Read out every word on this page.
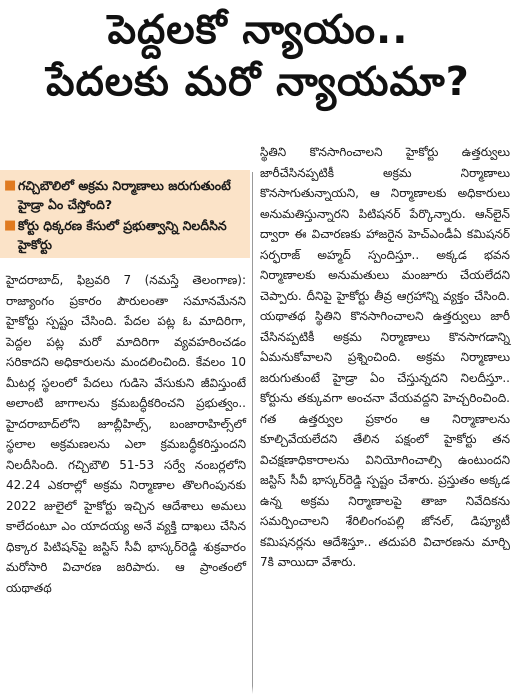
పెద్దలకో న్యాయం..
పేదలకు మరో న్యాయమా?
■ గచ్చిబౌలిలో అక్రమ నిర్మాణాలు జరుగుతుంటే హైడ్రా ఏం చేస్తోంది?
■ కోర్టు ధిక్కరణ కేసులో ప్రభుత్వాన్ని నిలదీసిన హైకోర్టు

హైదరాబాద్, ఫిబ్రవరి 7 (నమస్తే తెలంగాణ): రాజ్యాంగం ప్రకారం పౌరులంతా సమానమేనని హైకోర్టు స్పష్టం చేసింది. పేదల పట్ల ఓ మాదిరిగా, పెద్దల పట్ల మరో మాదిరిగా వ్యవహరించడం సరికాదని అధికారులను మందలించింది. కేవలం 10 మీటర్ల స్థలంలో పేదలు గుడిసె వేసుకుని జీవిస్తుంటే అలాంటి జాగాలను క్రమబద్ధీకరించని ప్రభుత్వం.. హైదరాబాద్‌లోని జూబ్లీహిల్స్, బంజారాహిల్స్‌లో స్థలాల అక్రమణలను ఎలా క్రమబద్ధీకరిస్తుందని నిలదీసింది. గచ్చిబౌలి 51-53 సర్వే నంబర్లలోని 42.24 ఎకరాల్లో అక్రమ నిర్మాణాల తొలగింపునకు 2022 జులైలో హైకోర్టు ఇచ్చిన ఆదేశాలు అమలు కాలేదంటూ ఎం యాదయ్య అనే వ్యక్తి దాఖలు చేసిన ధిక్కార పిటిషన్‌పై జస్టిస్ సీవీ భాస్కర్‌రెడ్డి శుక్రవారం మరోసారి విచారణ జరిపారు. ఆ ప్రాంతంలో యథాతథ

స్థితిని కొనసాగించాలని హైకోర్టు ఉత్తర్వులు జారీచేసినప్పటికీ అక్రమ నిర్మాణాలు కొనసాగుతున్నాయని, ఆ నిర్మాణాలకు అధికారులు అనుమతిస్తున్నారని పిటిషనర్ పేర్కొన్నారు. ఆన్‌లైన్ ద్వారా ఈ విచారణకు హాజరైన హెచ్ఎండీఏ కమిషనర్ సర్ఫరాజ్ అహ్మద్ స్పందిస్తూ.. అక్కడ భవన నిర్మాణాలకు అనుమతులు మంజూరు చేయలేదని చెప్పారు. దీనిపై హైకోర్టు తీవ్ర ఆగ్రహాన్ని వ్యక్తం చేసింది. యథాతథ స్థితిని కొనసాగించాలని ఉత్తర్వులు జారీ చేసినప్పటికీ అక్రమ నిర్మాణాలు కొనసాగడాన్ని ఏమనుకోవాలని ప్రశ్నించింది. అక్రమ నిర్మాణాలు జరుగుతుంటే హైడ్రా ఏం చేస్తున్నదని నిలదీస్తూ.. కోర్టును తక్కువగా అంచనా వేయవద్దని హెచ్చరించింది. గత ఉత్తర్వుల ప్రకారం ఆ నిర్మాణాలను కూల్చివేయలేదని తేలిన పక్షంలో హైకోర్టు తన విచక్షణాధికారాలను వినియోగించాల్సి ఉంటుందని జస్టిస్ సీవీ భాస్కర్‌రెడ్డి స్పష్టం చేశారు. ప్రస్తుతం అక్కడ ఉన్న అక్రమ నిర్మాణాలపై తాజా నివేదికను సమర్పించాలని శేరిలింగంపల్లి జోనల్, డిప్యూటీ కమిషనర్లను ఆదేశిస్తూ.. తదుపరి విచారణను మార్చి 7కి వాయిదా వేశారు.
